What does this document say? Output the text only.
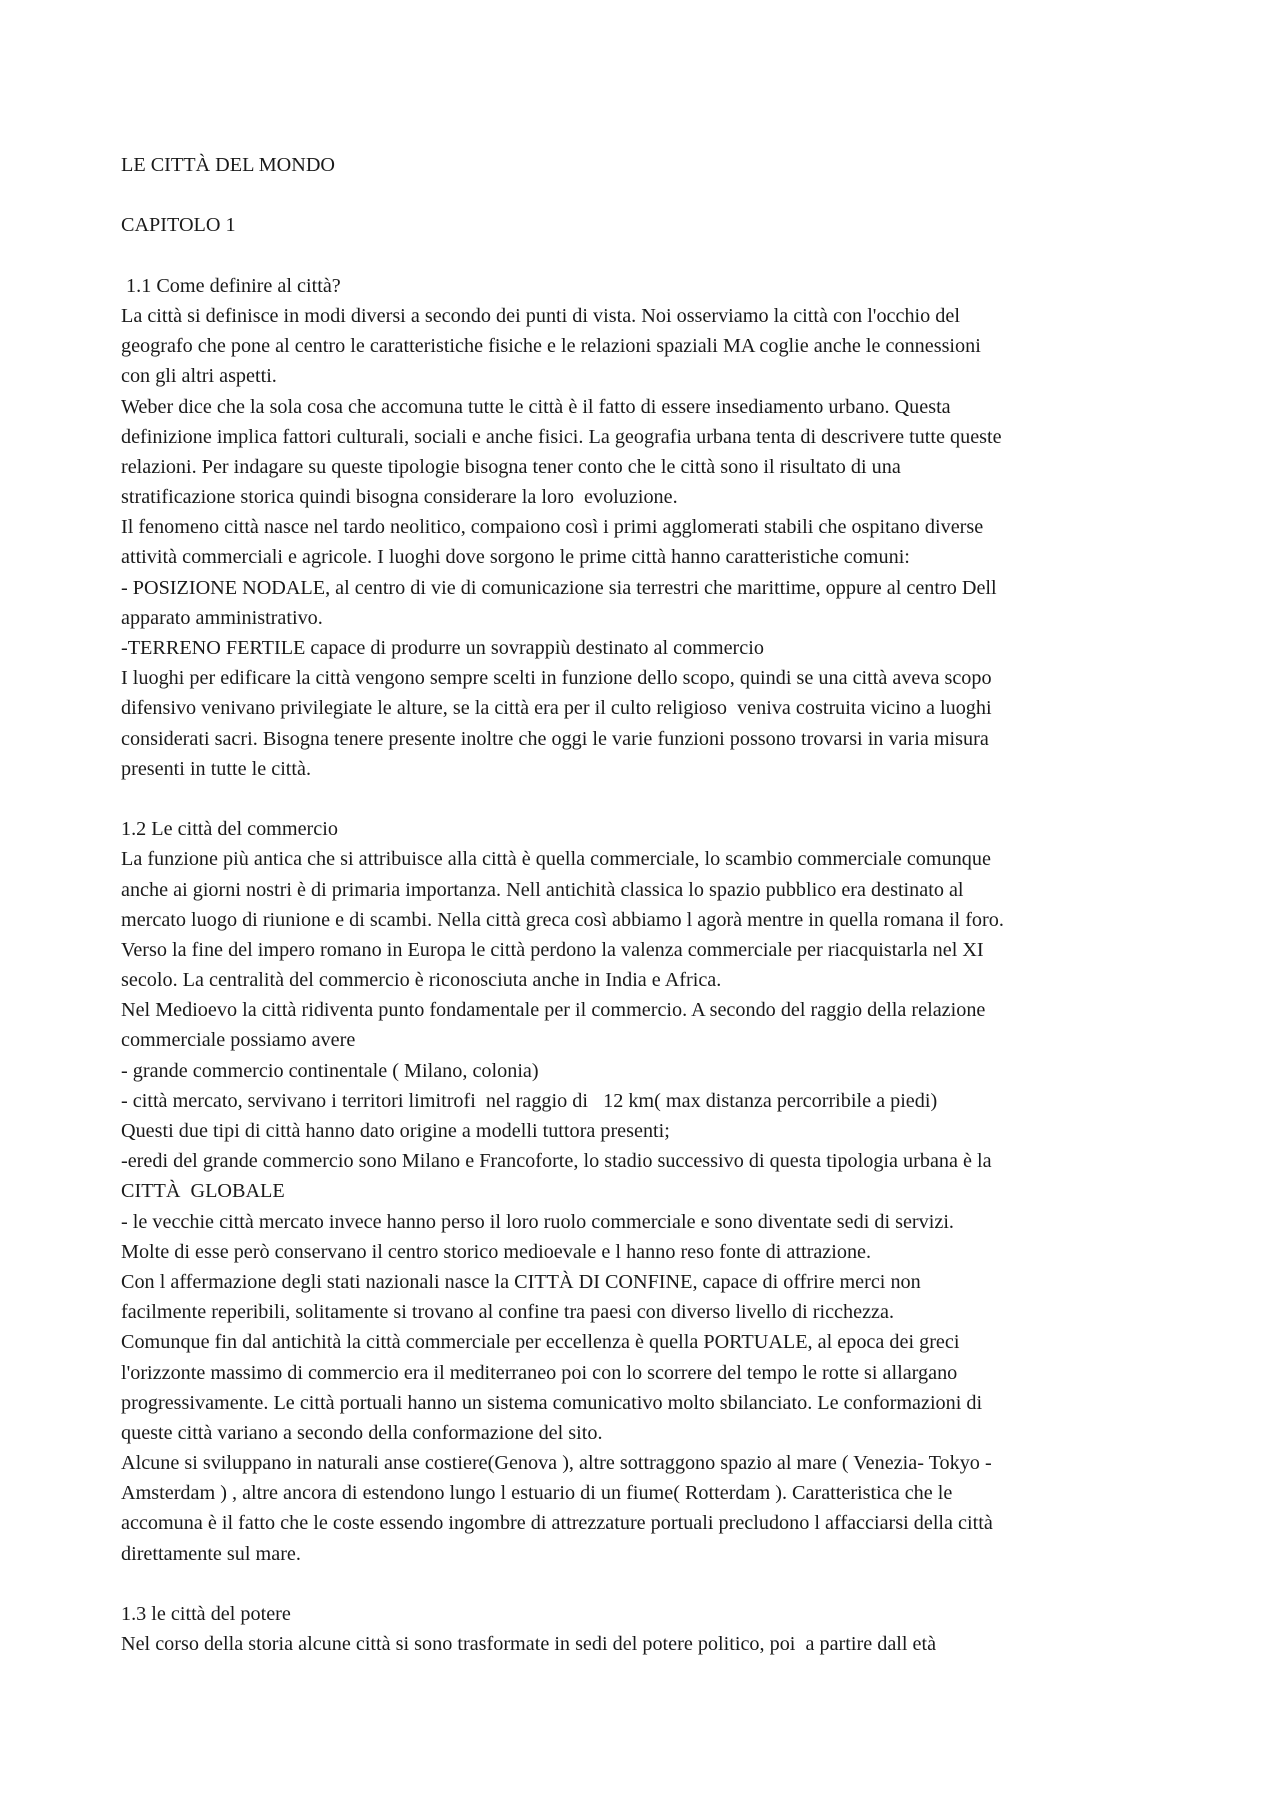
LE CITTÀ DEL MONDO
CAPITOLO 1
1.1 Come definire al città?
La città si definisce in modi diversi a secondo dei punti di vista. Noi osserviamo la città con l'occhio del
geografo che pone al centro le caratteristiche fisiche e le relazioni spaziali MA coglie anche le connessioni
con gli altri aspetti.
Weber dice che la sola cosa che accomuna tutte le città è il fatto di essere insediamento urbano. Questa
definizione implica fattori culturali, sociali e anche fisici. La geografia urbana tenta di descrivere tutte queste
relazioni. Per indagare su queste tipologie bisogna tener conto che le città sono il risultato di una
stratificazione storica quindi bisogna considerare la loro  evoluzione.
Il fenomeno città nasce nel tardo neolitico, compaiono così i primi agglomerati stabili che ospitano diverse
attività commerciali e agricole. I luoghi dove sorgono le prime città hanno caratteristiche comuni:
- POSIZIONE NODALE, al centro di vie di comunicazione sia terrestri che marittime, oppure al centro Dell
apparato amministrativo.
-TERRENO FERTILE capace di produrre un sovrappiù destinato al commercio
I luoghi per edificare la città vengono sempre scelti in funzione dello scopo, quindi se una città aveva scopo
difensivo venivano privilegiate le alture, se la città era per il culto religioso  veniva costruita vicino a luoghi
considerati sacri. Bisogna tenere presente inoltre che oggi le varie funzioni possono trovarsi in varia misura
presenti in tutte le città.
1.2 Le città del commercio
La funzione più antica che si attribuisce alla città è quella commerciale, lo scambio commerciale comunque
anche ai giorni nostri è di primaria importanza. Nell antichità classica lo spazio pubblico era destinato al
mercato luogo di riunione e di scambi. Nella città greca così abbiamo l agorà mentre in quella romana il foro.
Verso la fine del impero romano in Europa le città perdono la valenza commerciale per riacquistarla nel XI
secolo. La centralità del commercio è riconosciuta anche in India e Africa.
Nel Medioevo la città ridiventa punto fondamentale per il commercio. A secondo del raggio della relazione
commerciale possiamo avere
- grande commercio continentale ( Milano, colonia)
- città mercato, servivano i territori limitrofi  nel raggio di   12 km( max distanza percorribile a piedi)
Questi due tipi di città hanno dato origine a modelli tuttora presenti;
-eredi del grande commercio sono Milano e Francoforte, lo stadio successivo di questa tipologia urbana è la
CITTÀ  GLOBALE
- le vecchie città mercato invece hanno perso il loro ruolo commerciale e sono diventate sedi di servizi.
Molte di esse però conservano il centro storico medioevale e l hanno reso fonte di attrazione.
Con l affermazione degli stati nazionali nasce la CITTÀ DI CONFINE, capace di offrire merci non
facilmente reperibili, solitamente si trovano al confine tra paesi con diverso livello di ricchezza.
Comunque fin dal antichità la città commerciale per eccellenza è quella PORTUALE, al epoca dei greci
l'orizzonte massimo di commercio era il mediterraneo poi con lo scorrere del tempo le rotte si allargano
progressivamente. Le città portuali hanno un sistema comunicativo molto sbilanciato. Le conformazioni di
queste città variano a secondo della conformazione del sito.
Alcune si sviluppano in naturali anse costiere(Genova ), altre sottraggono spazio al mare ( Venezia- Tokyo -
Amsterdam ) , altre ancora di estendono lungo l estuario di un fiume( Rotterdam ). Caratteristica che le
accomuna è il fatto che le coste essendo ingombre di attrezzature portuali precludono l affacciarsi della città
direttamente sul mare.
1.3 le città del potere
Nel corso della storia alcune città si sono trasformate in sedi del potere politico, poi  a partire dall età
